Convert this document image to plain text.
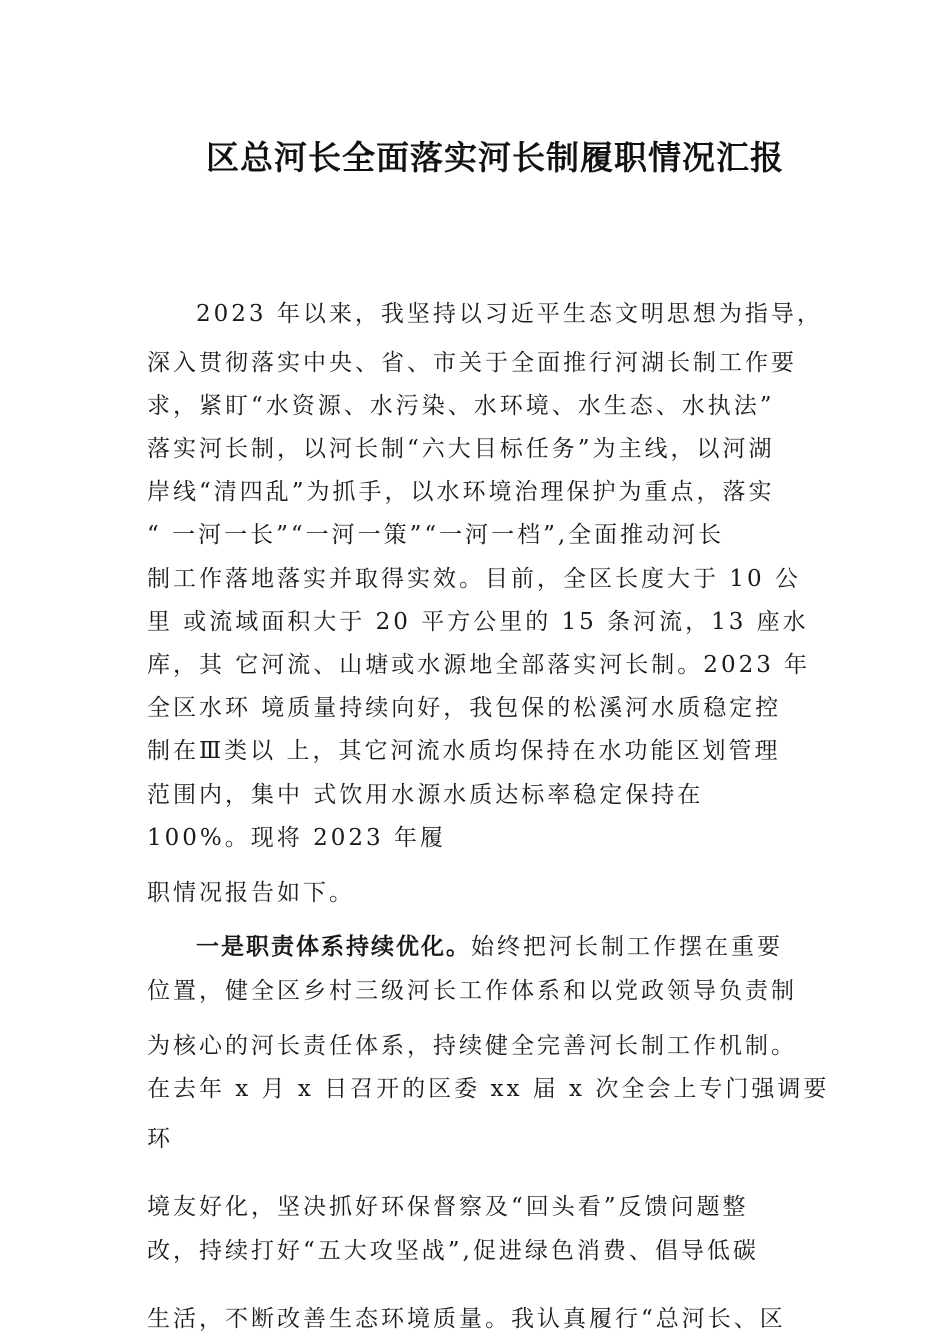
区总河长全面落实河长制履职情况汇报
2023 年以来，我坚持以习近平生态文明思想为指导，
深入贯彻落实中央、省、市关于全面推行河湖长制工作要
求，紧盯“水资源、水污染、水环境、水生态、水执法”
落实河长制，以河长制“六大目标任务”为主线，以河湖
岸线“清四乱”为抓手，以水环境治理保护为重点，落实
“ 一河一长”“一河一策”“一河一档”,全面推动河长
制工作落地落实并取得实效。目前，全区长度大于 10 公
里 或流域面积大于 20 平方公里的 15 条河流，13 座水
库，其 它河流、山塘或水源地全部落实河长制。2023 年
全区水环 境质量持续向好，我包保的松溪河水质稳定控
制在Ⅲ类以 上，其它河流水质均保持在水功能区划管理
范围内，集中 式饮用水源水质达标率稳定保持在
100%。现将 2023 年履
职情况报告如下。
一是职责体系持续优化。始终把河长制工作摆在重要
位置，健全区乡村三级河长工作体系和以党政领导负责制
为核心的河长责任体系，持续健全完善河长制工作机制。
在去年 x 月 x 日召开的区委 xx 届 x 次全会上专门强调要
环
境友好化，坚决抓好环保督察及“回头看”反馈问题整
改，持续打好“五大攻坚战”,促进绿色消费、倡导低碳
生活，不断改善生态环境质量。我认真履行“总河长、区
